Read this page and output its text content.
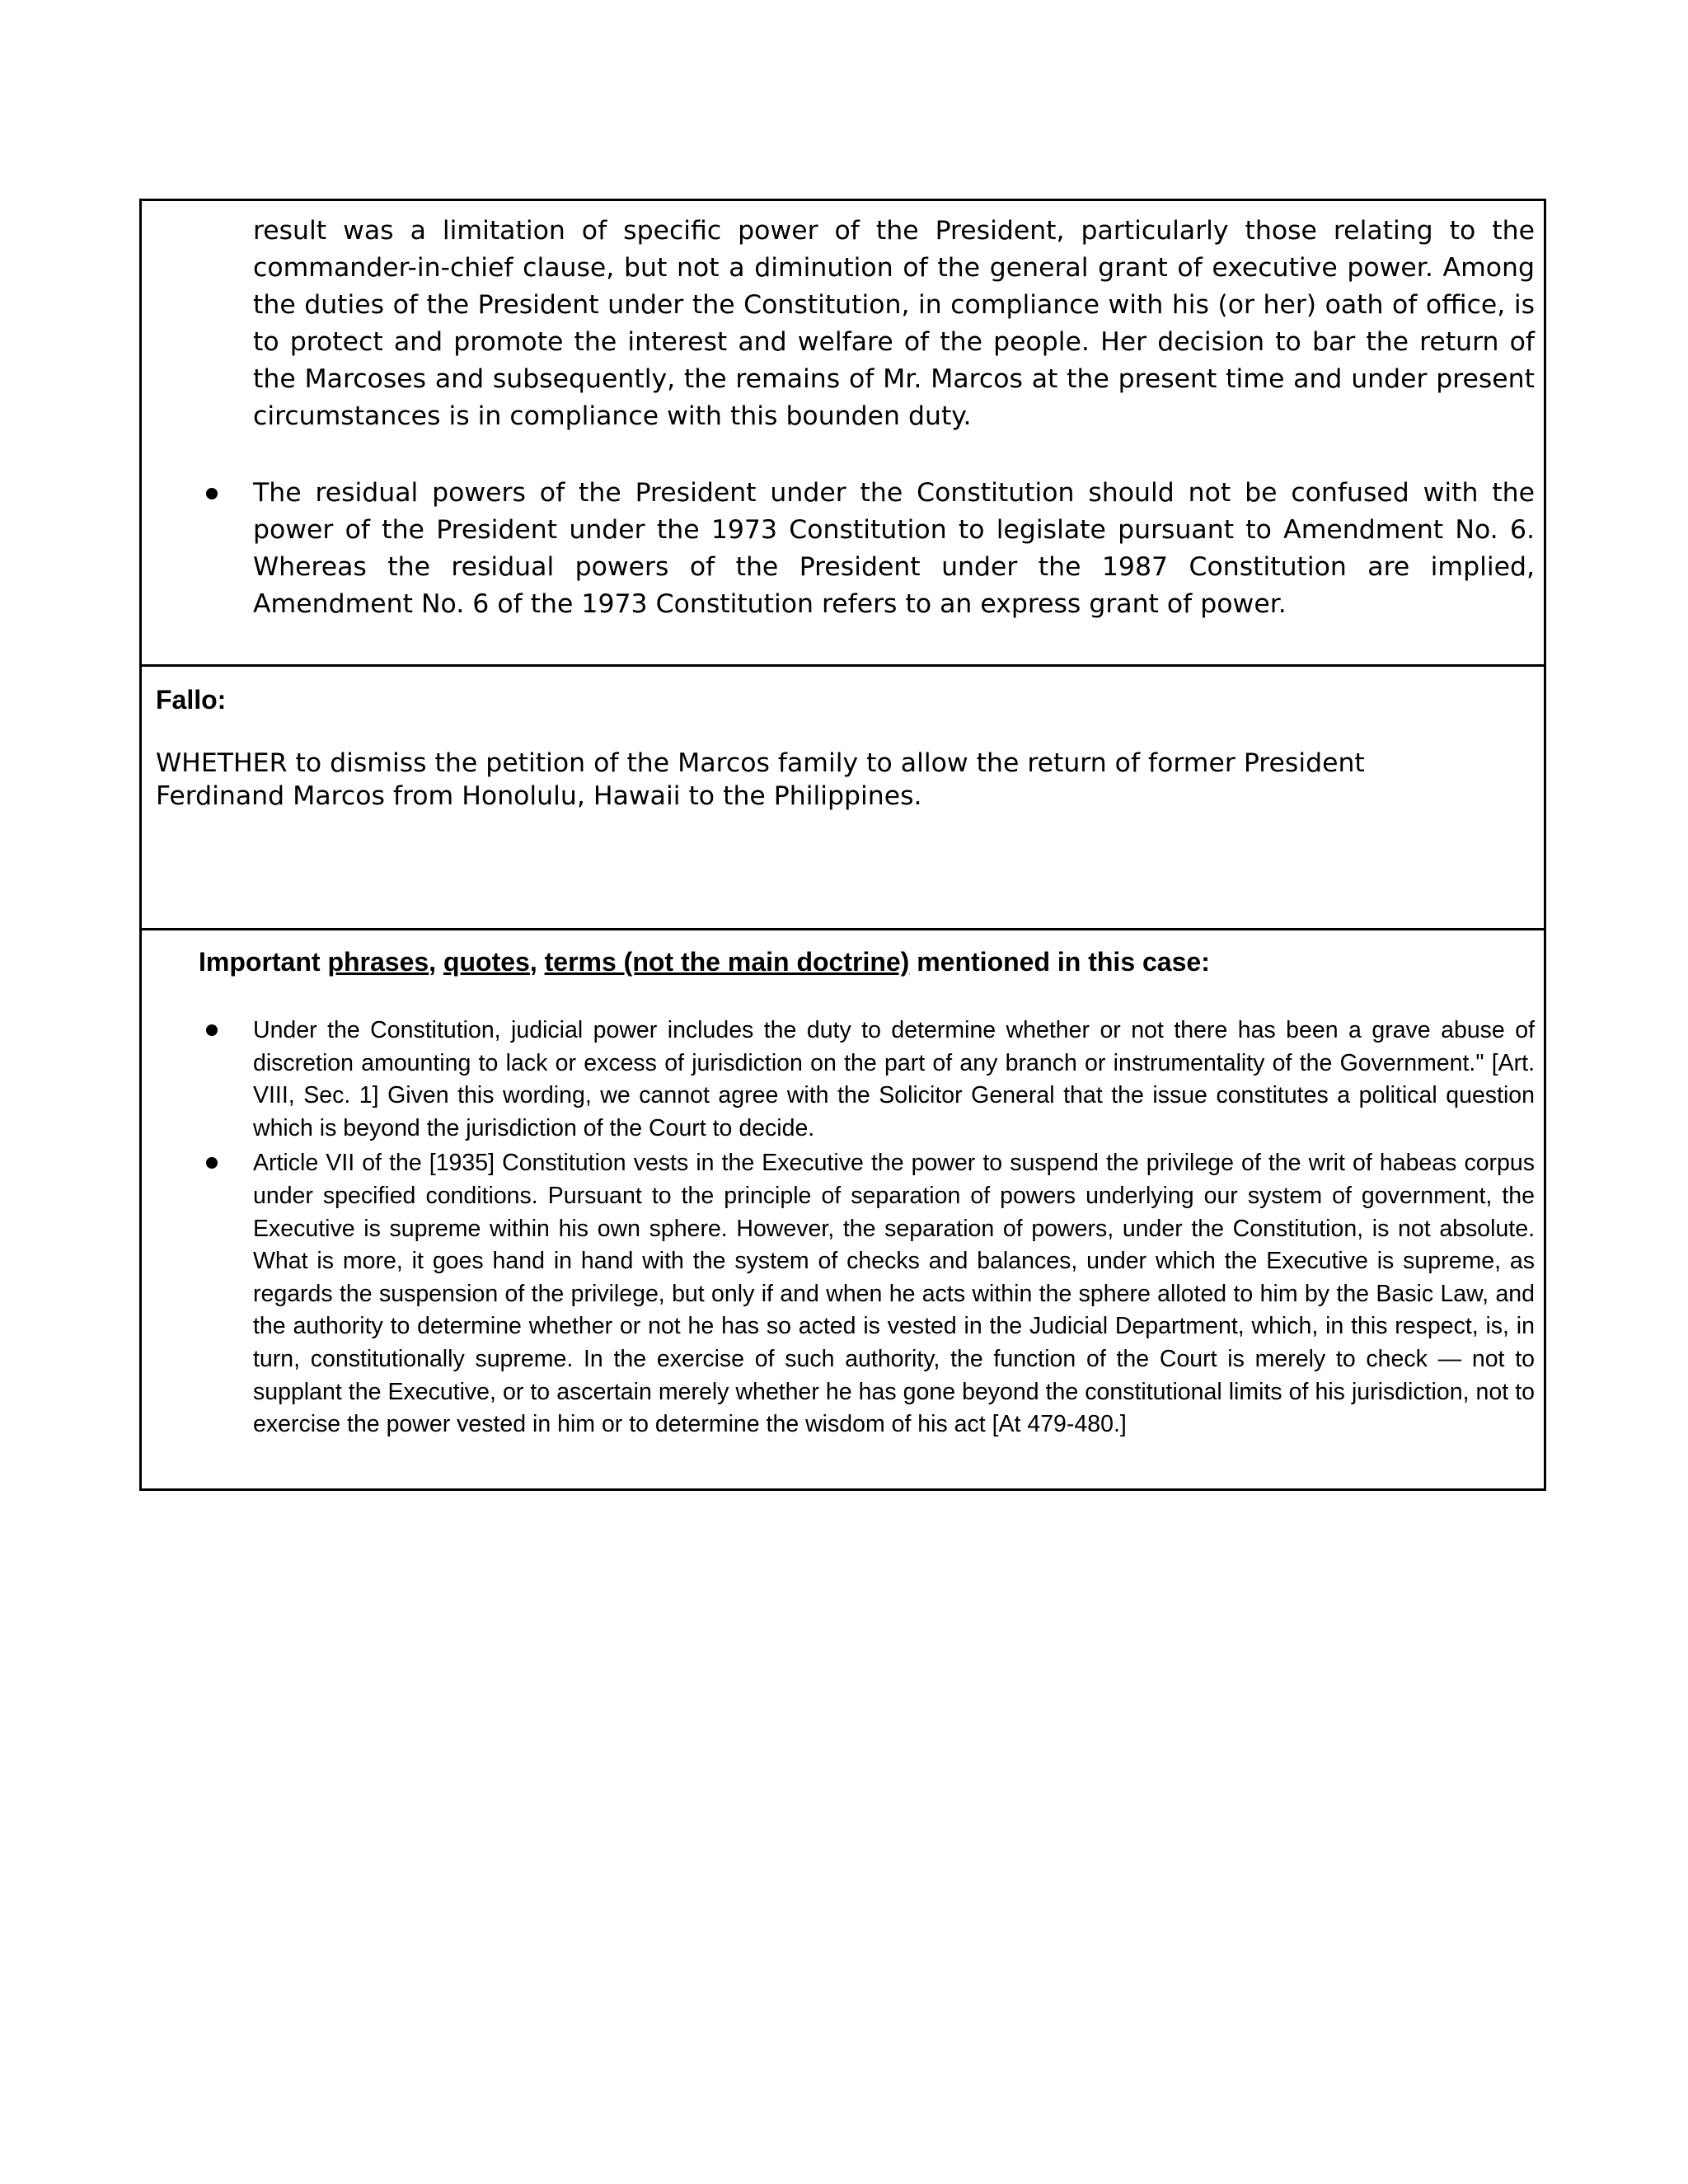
result was a limitation of specific power of the President, particularly those relating to the commander-in-chief clause, but not a diminution of the general grant of executive power. Among the duties of the President under the Constitution, in compliance with his (or her) oath of office, is to protect and promote the interest and welfare of the people. Her decision to bar the return of the Marcoses and subsequently, the remains of Mr. Marcos at the present time and under present circumstances is in compliance with this bounden duty.

The residual powers of the President under the Constitution should not be confused with the power of the President under the 1973 Constitution to legislate pursuant to Amendment No. 6. Whereas the residual powers of the President under the 1987 Constitution are implied, Amendment No. 6 of the 1973 Constitution refers to an express grant of power.

Fallo:

WHETHER to dismiss the petition of the Marcos family to allow the return of former President Ferdinand Marcos from Honolulu, Hawaii to the Philippines.

Important phrases, quotes, terms (not the main doctrine) mentioned in this case:

Under the Constitution, judicial power includes the duty to determine whether or not there has been a grave abuse of discretion amounting to lack or excess of jurisdiction on the part of any branch or instrumentality of the Government." [Art. VIII, Sec. 1] Given this wording, we cannot agree with the Solicitor General that the issue constitutes a political question which is beyond the jurisdiction of the Court to decide.
Article VII of the [1935] Constitution vests in the Executive the power to suspend the privilege of the writ of habeas corpus under specified conditions. Pursuant to the principle of separation of powers underlying our system of government, the Executive is supreme within his own sphere. However, the separation of powers, under the Constitution, is not absolute. What is more, it goes hand in hand with the system of checks and balances, under which the Executive is supreme, as regards the suspension of the privilege, but only if and when he acts within the sphere alloted to him by the Basic Law, and the authority to determine whether or not he has so acted is vested in the Judicial Department, which, in this respect, is, in turn, constitutionally supreme. In the exercise of such authority, the function of the Court is merely to check — not to supplant the Executive, or to ascertain merely whether he has gone beyond the constitutional limits of his jurisdiction, not to exercise the power vested in him or to determine the wisdom of his act [At 479-480.]
